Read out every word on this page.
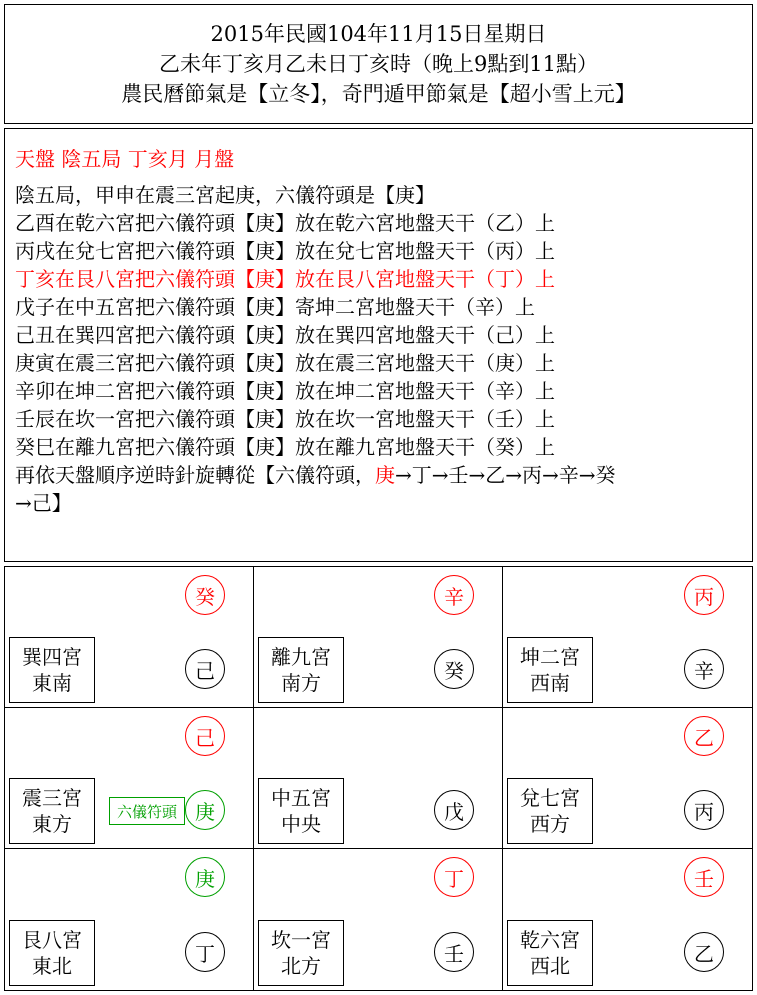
2015年民國104年11月15日星期日
乙未年丁亥月乙未日丁亥時（晚上9點到11點）
農民曆節氣是【立冬】，奇門遁甲節氣是【超小雪上元】
天盤 陰五局 丁亥月 月盤
陰五局，甲申在震三宮起庚，六儀符頭是【庚】
乙酉在乾六宮把六儀符頭【庚】放在乾六宮地盤天干（乙）上
丙戌在兌七宮把六儀符頭【庚】放在兌七宮地盤天干（丙）上
丁亥在艮八宮把六儀符頭【庚】放在艮八宮地盤天干（丁）上
戊子在中五宮把六儀符頭【庚】寄坤二宮地盤天干（辛）上
己丑在巽四宮把六儀符頭【庚】放在巽四宮地盤天干（己）上
庚寅在震三宮把六儀符頭【庚】放在震三宮地盤天干（庚）上
辛卯在坤二宮把六儀符頭【庚】放在坤二宮地盤天干（辛）上
壬辰在坎一宮把六儀符頭【庚】放在坎一宮地盤天干（壬）上
癸巳在離九宮把六儀符頭【庚】放在離九宮地盤天干（癸）上
再依天盤順序逆時針旋轉從【六儀符頭，庚→丁→壬→乙→丙→辛→癸
→己】
癸
己
巽四宮
東南
辛
癸
離九宮
南方
丙
辛
坤二宮
西南
己
庚
六儀符頭
震三宮
東方
戊
中五宮
中央
乙
丙
兌七宮
西方
庚
丁
艮八宮
東北
丁
壬
坎一宮
北方
壬
乙
乾六宮
西北
